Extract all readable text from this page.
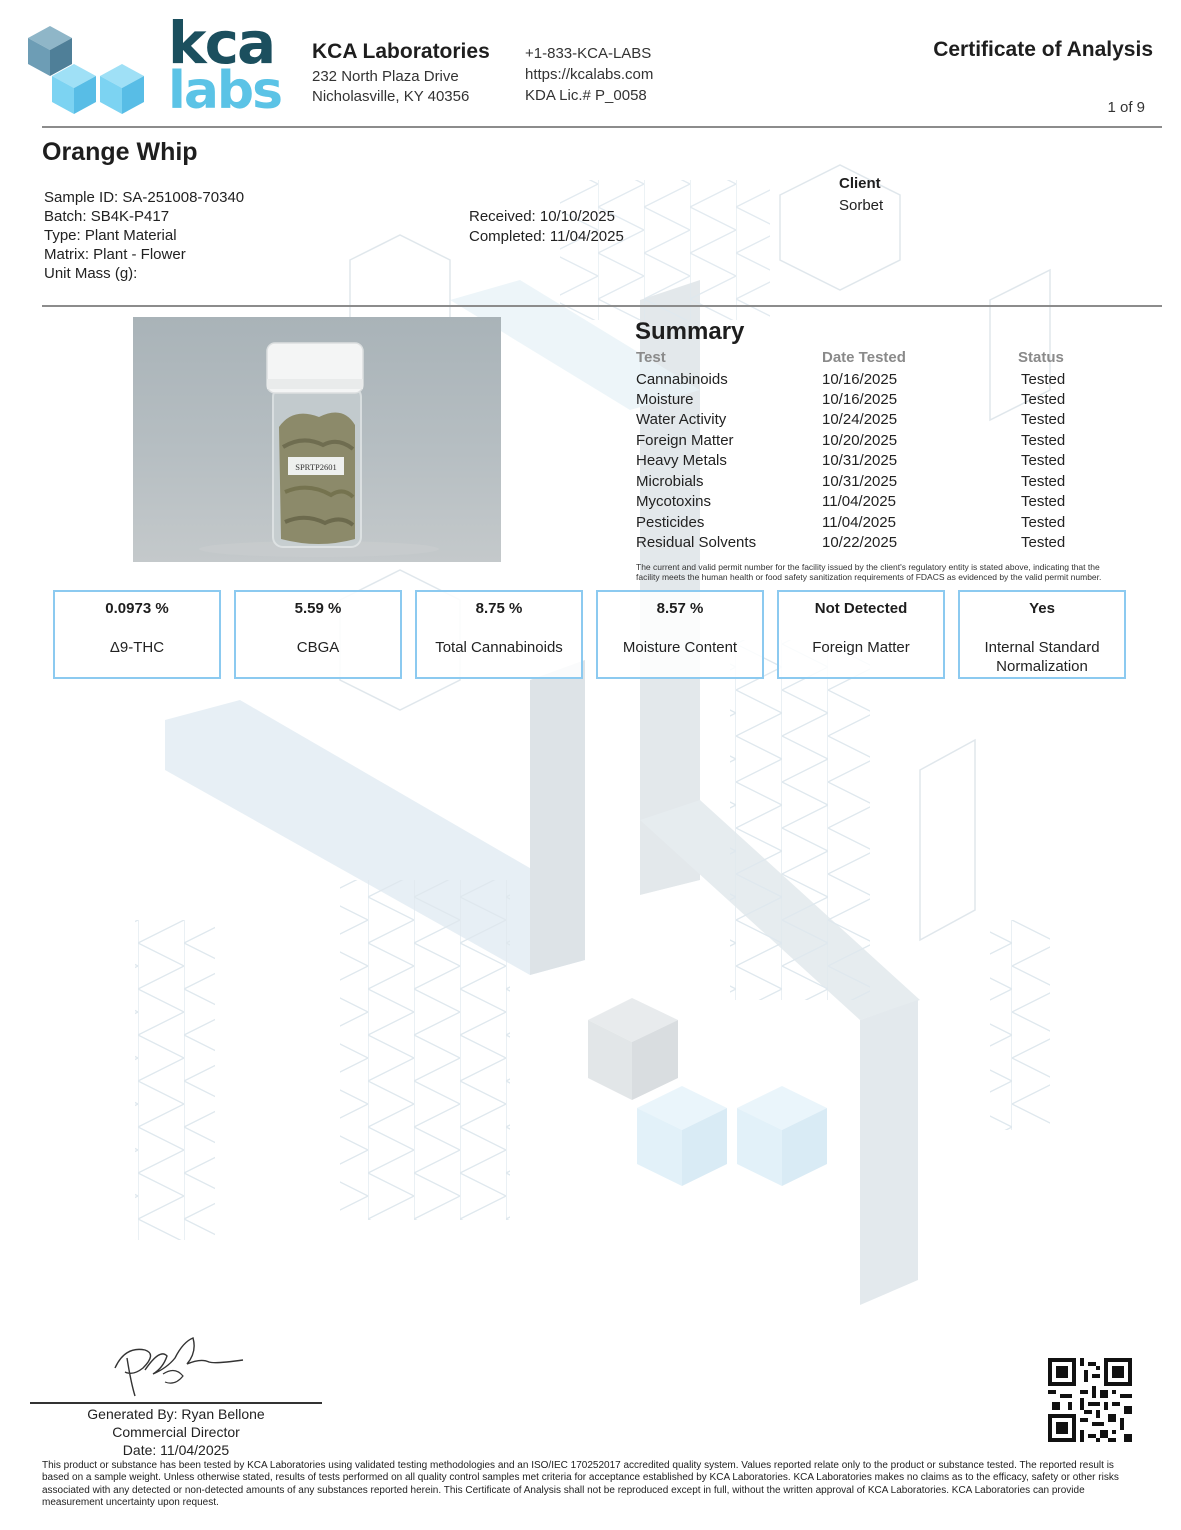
kca
labs
KCA Laboratories
232 North Plaza Drive
Nicholasville, KY 40356
+1-833-KCA-LABS
https://kcalabs.com
KDA Lic.# P_0058
Certificate of Analysis
1 of 9
Orange Whip
Sample ID: SA-251008-70340
Batch: SB4K-P417
Type: Plant Material
Matrix: Plant - Flower
Unit Mass (g):
Received: 10/10/2025
Completed: 11/04/2025
Client
Sorbet
SPRTP2601
Summary
Test	Date Tested	Status
Cannabinoids	10/16/2025	Tested
Moisture	10/16/2025	Tested
Water Activity	10/24/2025	Tested
Foreign Matter	10/20/2025	Tested
Heavy Metals	10/31/2025	Tested
Microbials	10/31/2025	Tested
Mycotoxins	11/04/2025	Tested
Pesticides	11/04/2025	Tested
Residual Solvents	10/22/2025	Tested
The current and valid permit number for the facility issued by the client's regulatory entity is stated above, indicating that the facility meets the human health or food safety sanitization requirements of FDACS as evidenced by the valid permit number.
0.0973 %
Δ9-THC
5.59 %
CBGA
8.75 %
Total Cannabinoids
8.57 %
Moisture Content
Not Detected
Foreign Matter
Yes
Internal Standard Normalization
Generated By: Ryan Bellone
Commercial Director
Date: 11/04/2025
This product or substance has been tested by KCA Laboratories using validated testing methodologies and an ISO/IEC 170252017 accredited quality system. Values reported relate only to the product or substance tested. The reported result is based on a sample weight. Unless otherwise stated, results of tests performed on all quality control samples met criteria for acceptance established by KCA Laboratories. KCA Laboratories makes no claims as to the efficacy, safety or other risks associated with any detected or non-detected amounts of any substances reported herein. This Certificate of Analysis shall not be reproduced except in full, without the written approval of KCA Laboratories. KCA Laboratories can provide measurement uncertainty upon request.
